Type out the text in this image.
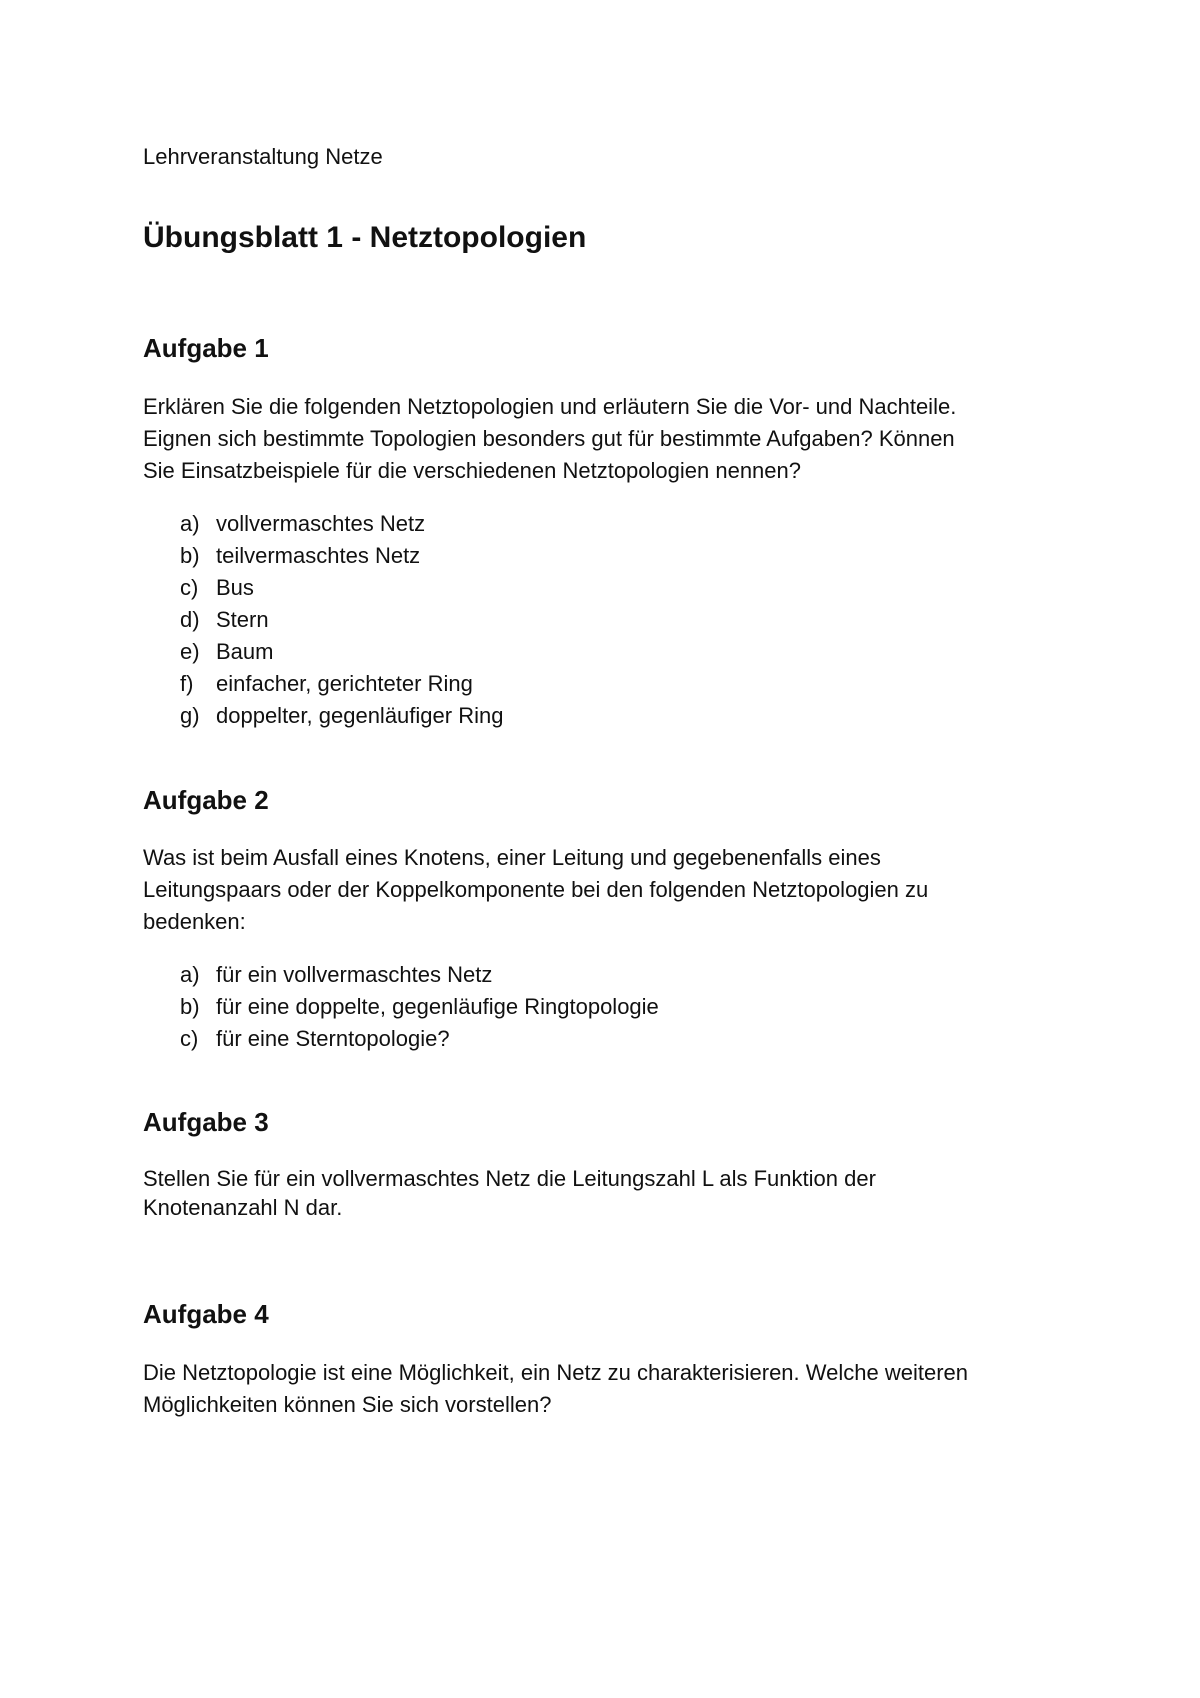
Lehrveranstaltung Netze
Übungsblatt 1 - Netztopologien
Aufgabe 1
Erklären Sie die folgenden Netztopologien und erläutern Sie die Vor- und Nachteile.
Eignen sich bestimmte Topologien besonders gut für bestimmte Aufgaben? Können
Sie Einsatzbeispiele für die verschiedenen Netztopologien nennen?
a) vollvermaschtes Netz
b) teilvermaschtes Netz
c) Bus
d) Stern
e) Baum
f) einfacher, gerichteter Ring
g) doppelter, gegenläufiger Ring
Aufgabe 2
Was ist beim Ausfall eines Knotens, einer Leitung und gegebenenfalls eines
Leitungspaars oder der Koppelkomponente bei den folgenden Netztopologien zu
bedenken:
a) für ein vollvermaschtes Netz
b) für eine doppelte, gegenläufige Ringtopologie
c) für eine Sterntopologie?
Aufgabe 3
Stellen Sie für ein vollvermaschtes Netz die Leitungszahl L als Funktion der
Knotenanzahl N dar.
Aufgabe 4
Die Netztopologie ist eine Möglichkeit, ein Netz zu charakterisieren. Welche weiteren
Möglichkeiten können Sie sich vorstellen?
